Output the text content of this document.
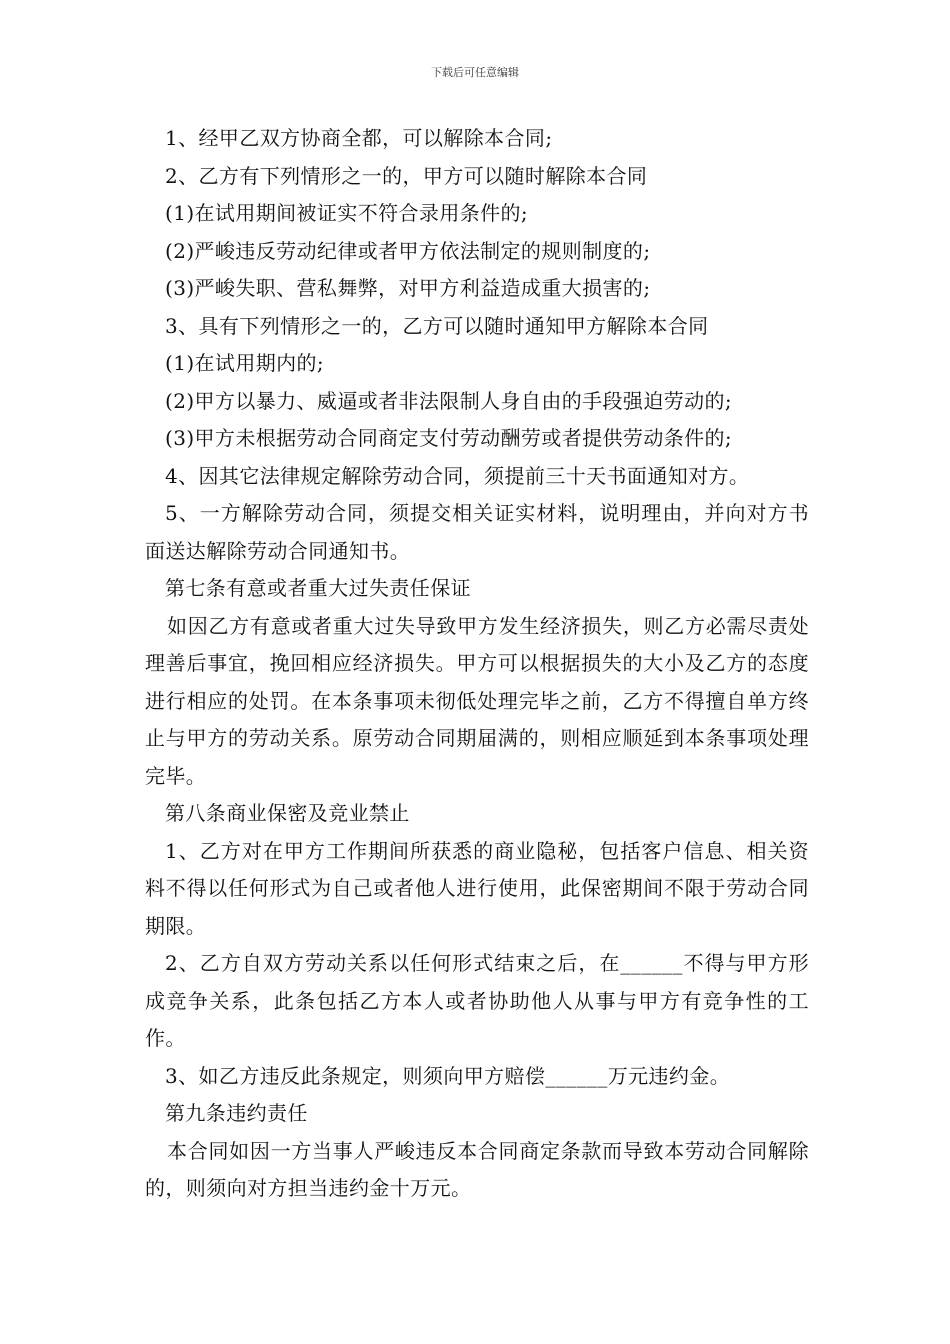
下载后可任意编辑

1、经甲乙双方协商全都，可以解除本合同;

2、乙方有下列情形之一的，甲方可以随时解除本合同

(1)在试用期间被证实不符合录用条件的;

(2)严峻违反劳动纪律或者甲方依法制定的规则制度的;

(3)严峻失职、营私舞弊，对甲方利益造成重大损害的;

3、具有下列情形之一的，乙方可以随时通知甲方解除本合同

(1)在试用期内的;

(2)甲方以暴力、威逼或者非法限制人身自由的手段强迫劳动的;

(3)甲方未根据劳动合同商定支付劳动酬劳或者提供劳动条件的;

4、因其它法律规定解除劳动合同，须提前三十天书面通知对方。

5、一方解除劳动合同，须提交相关证实材料，说明理由，并向对方书面送达解除劳动合同通知书。

第七条有意或者重大过失责任保证

如因乙方有意或者重大过失导致甲方发生经济损失，则乙方必需尽责处理善后事宜，挽回相应经济损失。甲方可以根据损失的大小及乙方的态度进行相应的处罚。在本条事项未彻低处理完毕之前，乙方不得擅自单方终止与甲方的劳动关系。原劳动合同期届满的，则相应顺延到本条事项处理完毕。

第八条商业保密及竞业禁止

1、乙方对在甲方工作期间所获悉的商业隐秘，包括客户信息、相关资料不得以任何形式为自己或者他人进行使用，此保密期间不限于劳动合同期限。

2、乙方自双方劳动关系以任何形式结束之后，在______不得与甲方形成竞争关系，此条包括乙方本人或者协助他人从事与甲方有竞争性的工作。

3、如乙方违反此条规定，则须向甲方赔偿______万元违约金。

第九条违约责任

本合同如因一方当事人严峻违反本合同商定条款而导致本劳动合同解除的，则须向对方担当违约金十万元。
